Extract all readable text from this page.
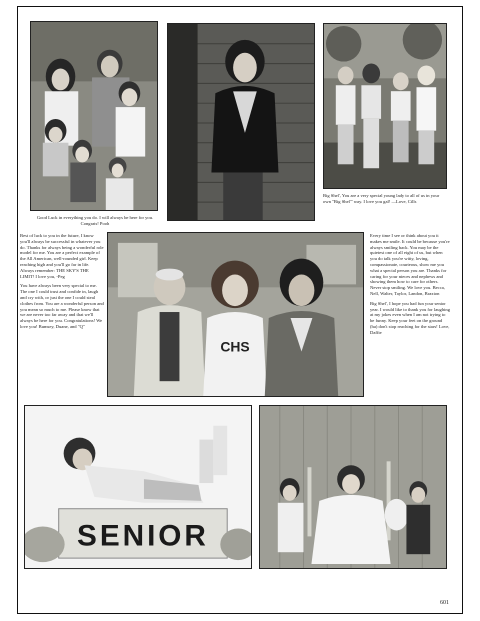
Good Luck in everything you do. I will always be here for you. Congrats! Pooh
Big Shel', You are a very special young lady to all of us in your own "Big Shel'" way. I love you gal! —Love, Cills

Best of luck to you in the future, I know you'll always be successful in whatever you do. Thanks for always being a wonderful role model for me. You are a perfect example of the All American, well-rounded girl. Keep reaching high and you'll go far in life. Always remember: THE SKY'S THE LIMIT! I love you, -Peg

You have always been very special to me. The one I could trust and confide in, laugh and cry with, or just the one I could steal clothes from. You are a wonderful person and you mean so much to me. Please know that we are never too far away and that we'll always be here for you. Congratulations! We love you! Bumsey, Duane, and "Q"

CHS

Every time I see or think about you it makes me smile. It could be because you're always smiling back. You may be the quietest one of all eight of us, but when you do talk you're witty, loving, compassionate, courteous, show me you what a special person you are. Thanks for caring for your nieces and nephews and showing them how to care for others. Never stop smiling. We love you. Becca, Nell, Walter, Taylor, Landon, Braxton

Big Shel', I hope you had fun your senior year. I would like to thank you for laughing at my jokes even when I am not trying to be funny. Keep your feet on the ground (ha) don't stop reaching for the stars! Love, Daffie

SENIOR
601
